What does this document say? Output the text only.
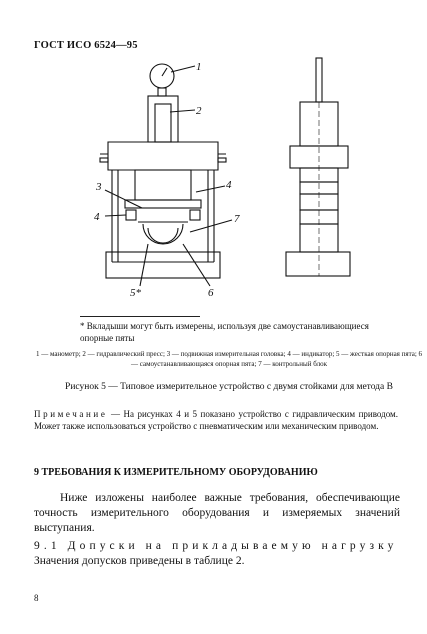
ГОСТ ИСО 6524—95
1
2
3	4
4	7
5*	6
* Вкладыши могут быть измерены, используя две самоустанавливающиеся опорные пяты
1 — манометр; 2 — гидравлический пресс; 3 — подвижная измерительная головка; 4 — индикатор; 5 — жесткая опорная пята; 6 — самоустанавливающаяся опорная пята; 7 — контрольный блок
Рисунок 5 — Типовое измерительное устройство с двумя стойками для метода В
Примечание — На рисунках 4 и 5 показано устройство с гидравлическим приводом. Может также использоваться устройство с пневматическим или механическим приводом.
9 ТРЕБОВАНИЯ К ИЗМЕРИТЕЛЬНОМУ ОБОРУДОВАНИЮ
Ниже изложены наиболее важные требования, обеспечивающие точность измерительного оборудования и измеряемых значений выступания.
9.1 Допуски на прикладываемую нагрузку
Значения допусков приведены в таблице 2.
8
